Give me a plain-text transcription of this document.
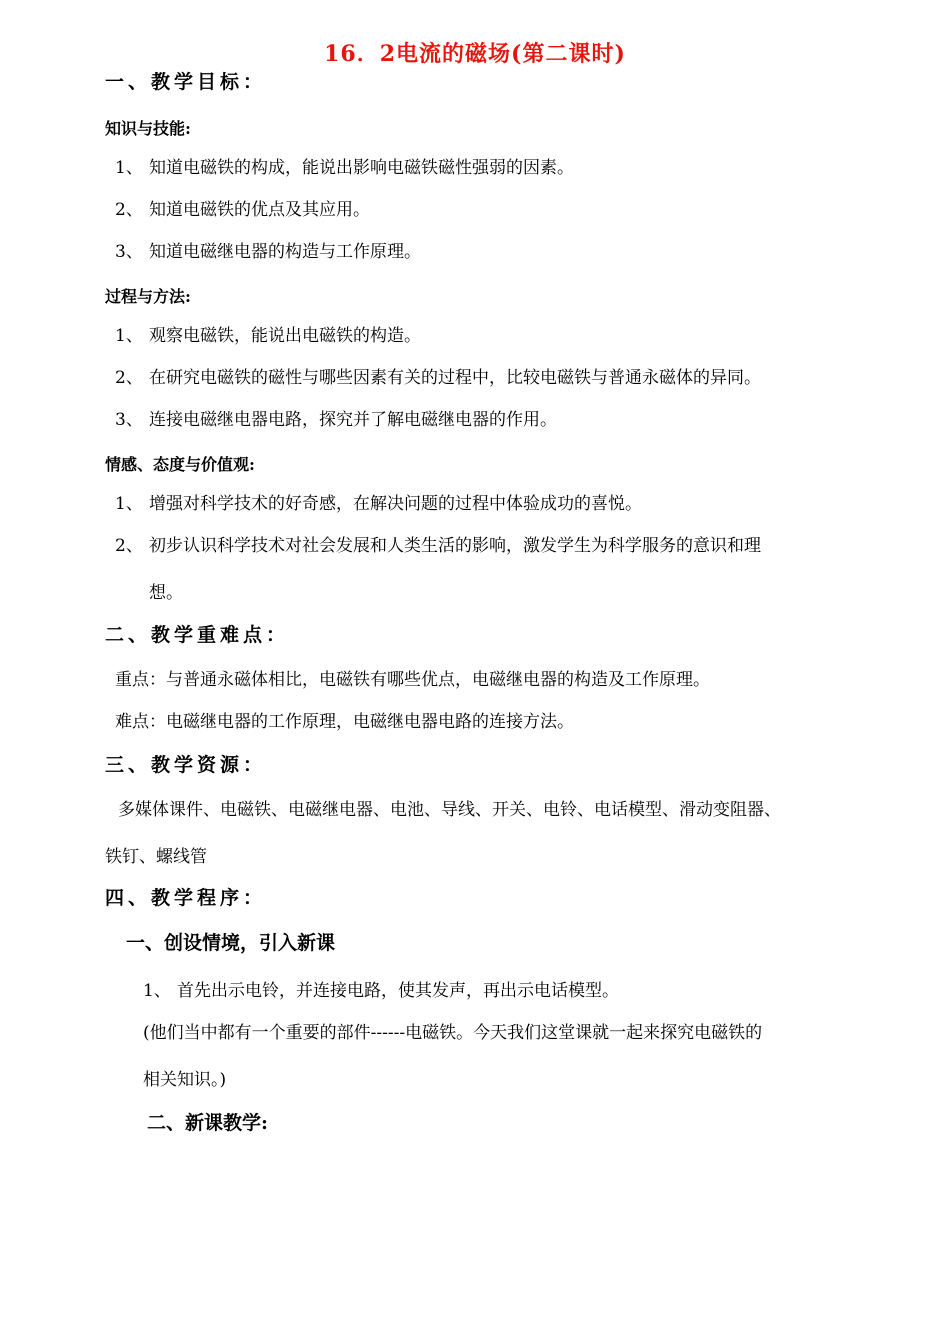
16．2电流的磁场(第二课时)
一、教学目标：
知识与技能:
1、 知道电磁铁的构成，能说出影响电磁铁磁性强弱的因素。
2、 知道电磁铁的优点及其应用。
3、 知道电磁继电器的构造与工作原理。
过程与方法:
1、 观察电磁铁，能说出电磁铁的构造。
2、 在研究电磁铁的磁性与哪些因素有关的过程中，比较电磁铁与普通永磁体的异同。
3、 连接电磁继电器电路，探究并了解电磁继电器的作用。
情感、态度与价值观:
1、 增强对科学技术的好奇感，在解决问题的过程中体验成功的喜悦。
2、 初步认识科学技术对社会发展和人类生活的影响，激发学生为科学服务的意识和理
想。
二、教学重难点：
重点：与普通永磁体相比，电磁铁有哪些优点，电磁继电器的构造及工作原理。
难点：电磁继电器的工作原理，电磁继电器电路的连接方法。
三、教学资源：
多媒体课件、电磁铁、电磁继电器、电池、导线、开关、电铃、电话模型、滑动变阻器、
铁钉、螺线管
四、教学程序：
一、创设情境，引入新课
1、 首先出示电铃，并连接电路，使其发声，再出示电话模型。
(他们当中都有一个重要的部件------电磁铁。今天我们这堂课就一起来探究电磁铁的
相关知识。)
二、新课教学:
